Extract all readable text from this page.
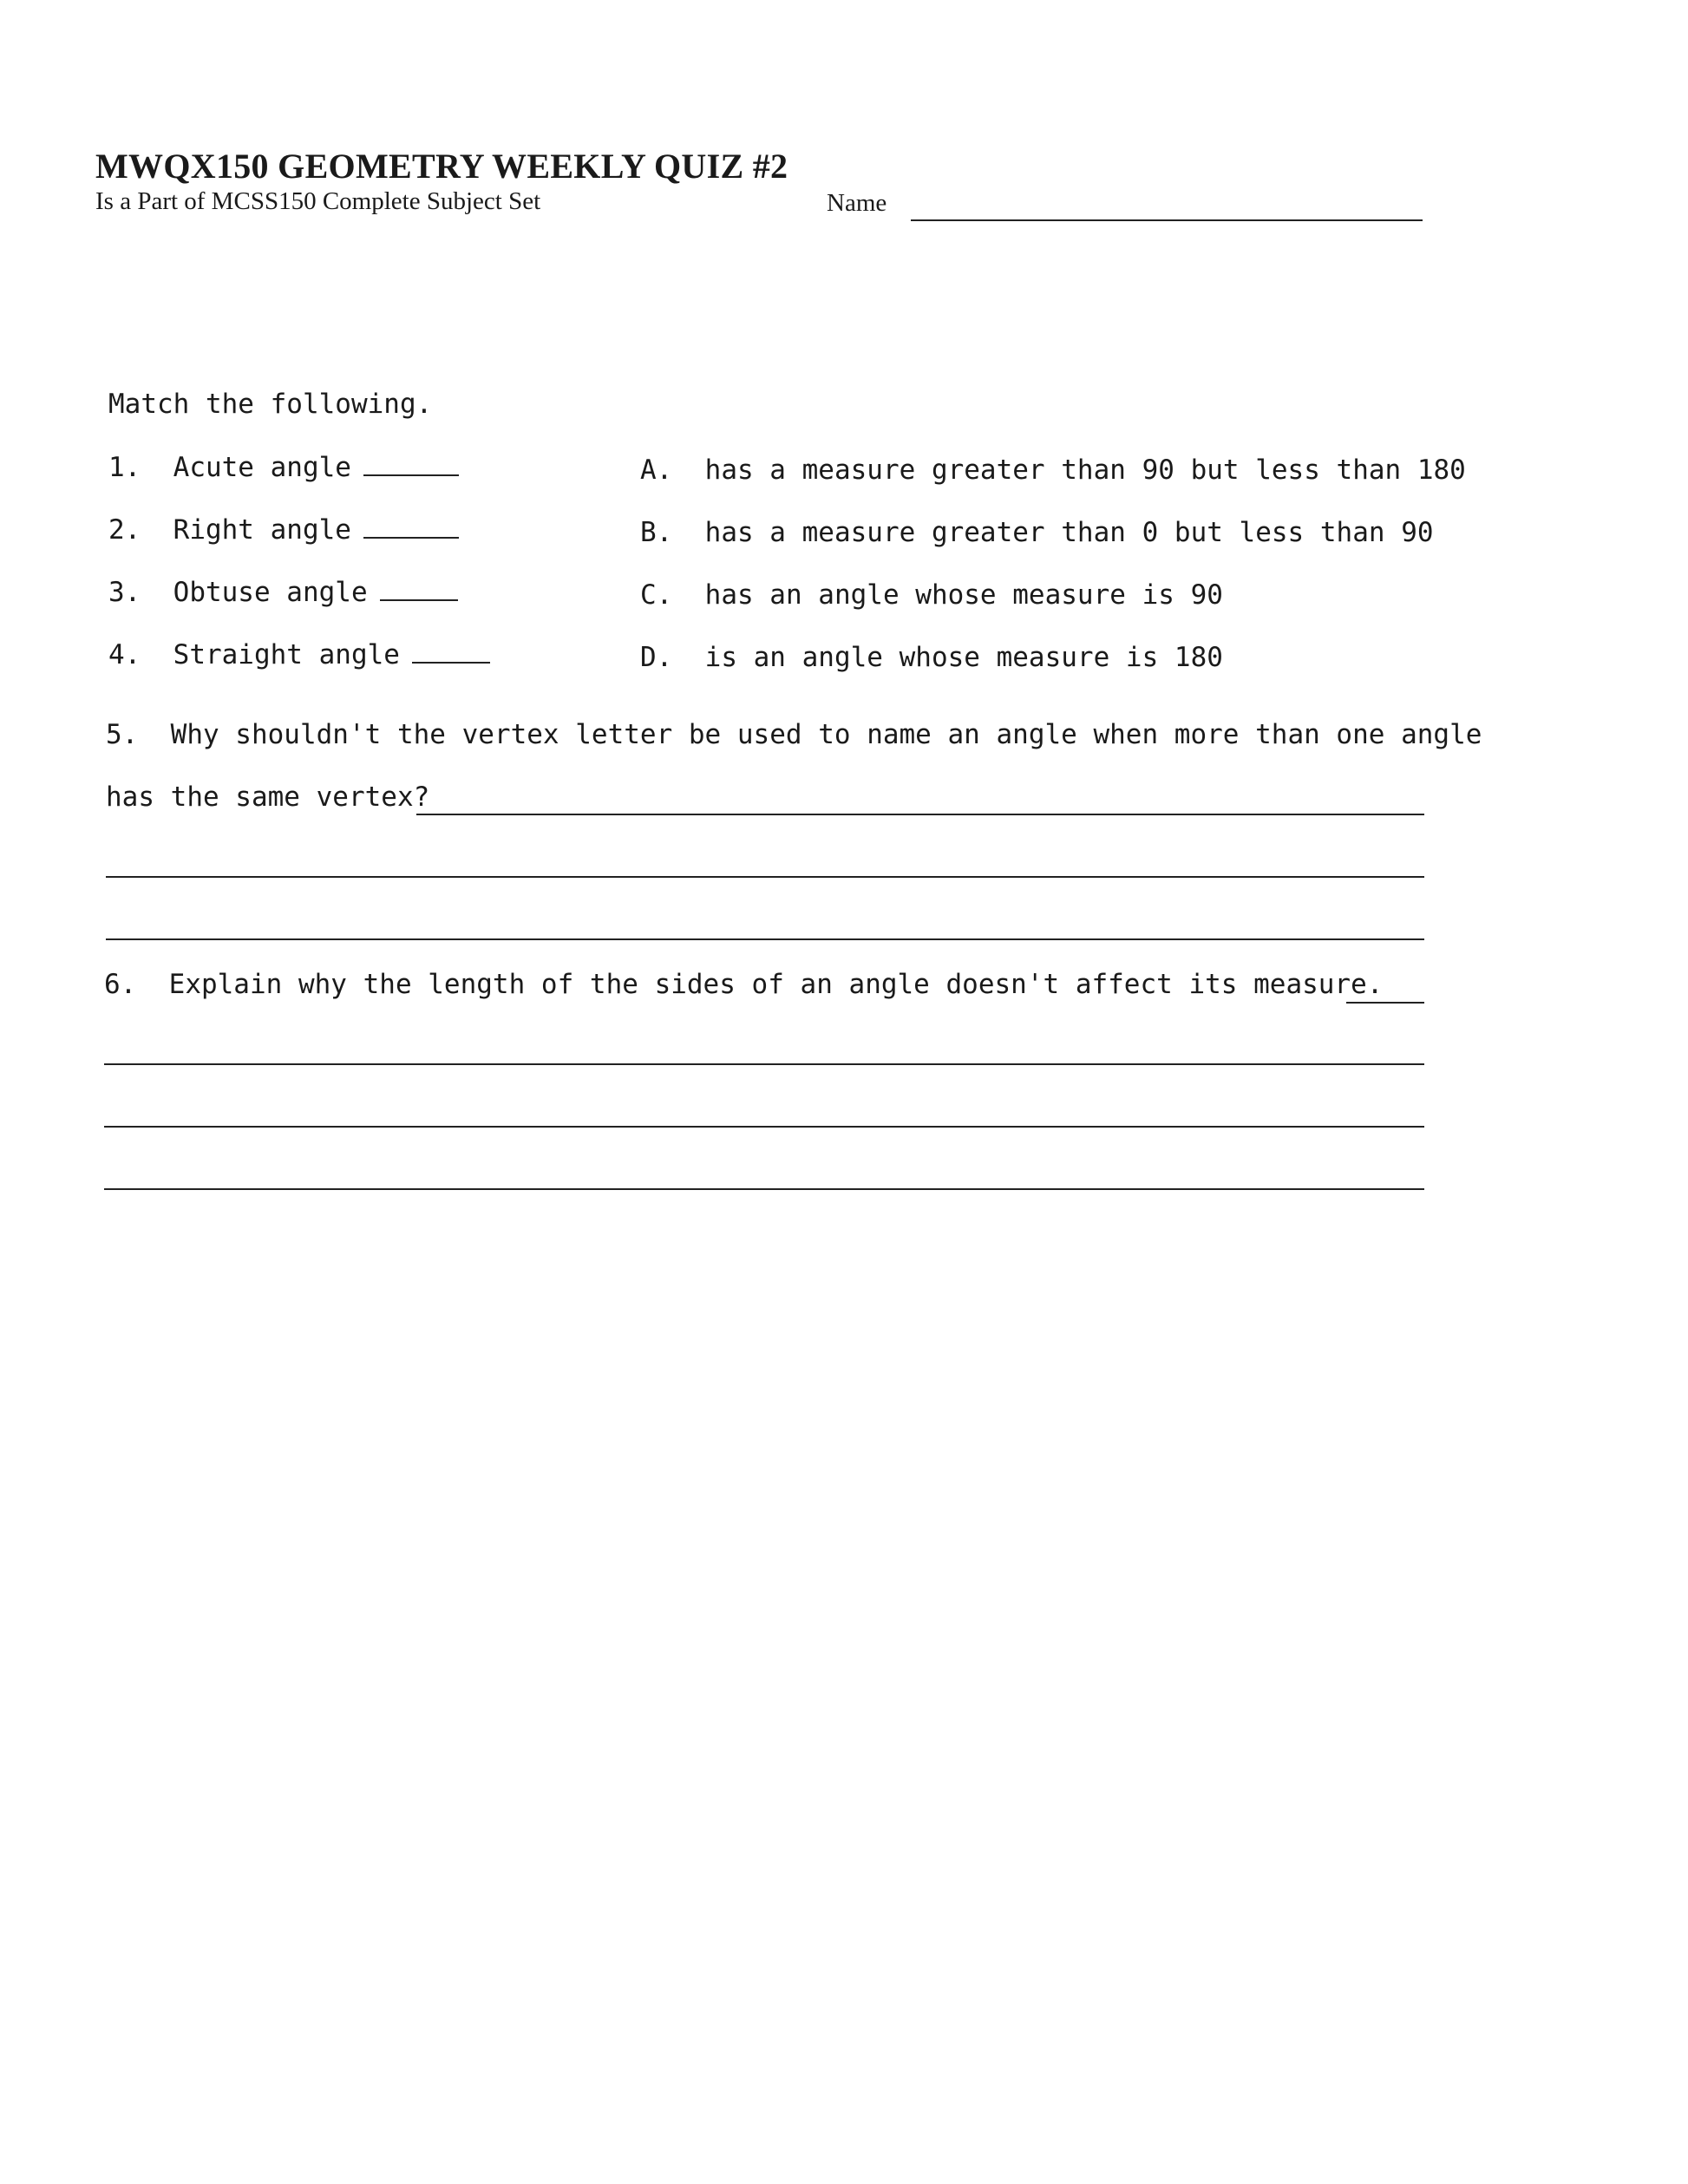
MWQX150 GEOMETRY WEEKLY QUIZ #2
Is a Part of MCSS150 Complete Subject Set	Name
Match the following.
1. Acute angle
2. Right angle
3. Obtuse angle
4. Straight angle
A. has a measure greater than 90 but less than 180
B. has a measure greater than 0 but less than 90
C. has an angle whose measure is 90
D. is an angle whose measure is 180
5. Why shouldn't the vertex letter be used to name an angle when more than one angle
has the same vertex?
6. Explain why the length of the sides of an angle doesn't affect its measure.
